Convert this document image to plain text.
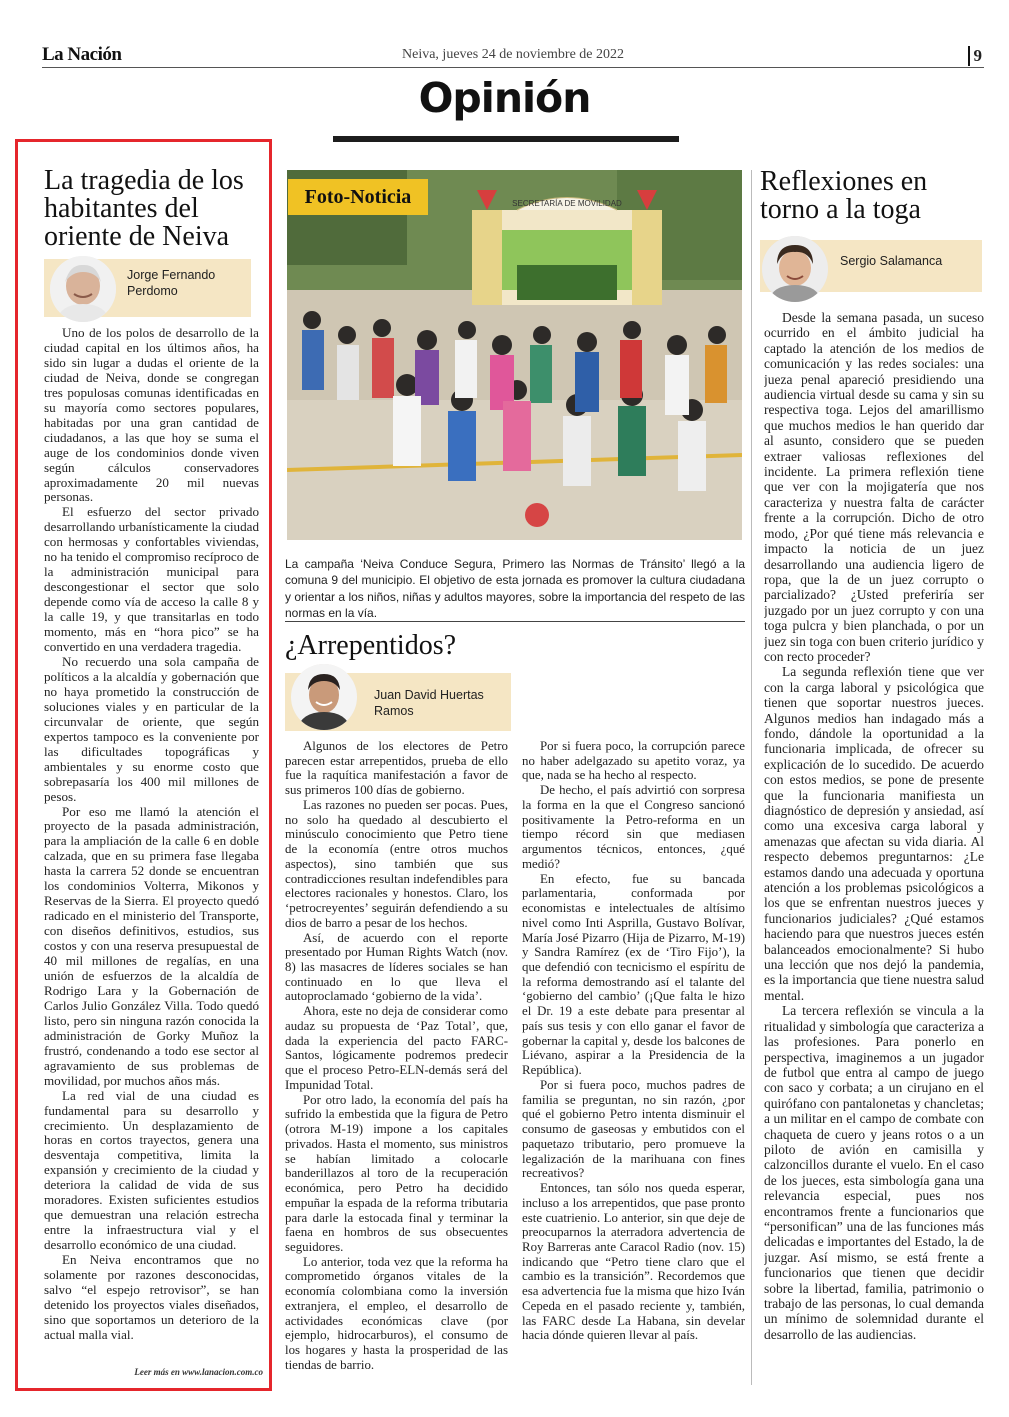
La Nación	Neiva, jueves 24 de noviembre de 2022	9
Opinión
La tragedia de los habitantes del oriente de Neiva
Jorge Fernando Perdomo

Uno de los polos de desarrollo de la ciudad capital en los últimos años, ha sido sin lugar a dudas el oriente de la ciudad de Neiva, donde se congregan tres populosas comunas identificadas en su mayoría como sectores populares, habitadas por una gran cantidad de ciudadanos, a las que hoy se suma el auge de los condominios donde viven según cálculos conservadores aproximadamente 20 mil nuevas personas.

El esfuerzo del sector privado desarrollando urbanísticamente la ciudad con hermosas y confortables viviendas, no ha tenido el compromiso recíproco de la administración municipal para descongestionar el sector que solo depende como vía de acceso la calle 8 y la calle 19, y que transitarlas en todo momento, más en “hora pico” se ha convertido en una verdadera tragedia.

No recuerdo una sola campaña de políticos a la alcaldía y gobernación que no haya prometido la construcción de soluciones viales y en particular de la circunvalar de oriente, que según expertos tampoco es la conveniente por las dificultades topográficas y ambientales y su enorme costo que sobrepasaría los 400 mil millones de pesos.

Por eso me llamó la atención el proyecto de la pasada administración, para la ampliación de la calle 6 en doble calzada, que en su primera fase llegaba hasta la carrera 52 donde se encuentran los condominios Volterra, Mikonos y Reservas de la Sierra. El proyecto quedó radicado en el ministerio del Transporte, con diseños definitivos, estudios, sus costos y con una reserva presupuestal de 40 mil millones de regalías, en una unión de esfuerzos de la alcaldía de Rodrigo Lara y la Gobernación de Carlos Julio González Villa. Todo quedó listo, pero sin ninguna razón conocida la administración de Gorky Muñoz la frustró, condenando a todo ese sector al agravamiento de sus problemas de movilidad, por muchos años más.

La red vial de una ciudad es fundamental para su desarrollo y crecimiento. Un desplazamiento de horas en cortos trayectos, genera una desventaja competitiva, limita la expansión y crecimiento de la ciudad y deteriora la calidad de vida de sus moradores. Existen suficientes estudios que demuestran una relación estrecha entre la infraestructura vial y el desarrollo económico de una ciudad.

En Neiva encontramos que no solamente por razones desconocidas, salvo “el espejo retrovisor”, se han detenido los proyectos viales diseñados, sino que soportamos un deterioro de la actual malla vial.

Leer más en www.lanacion.com.co
SECRETARÍA DE MOVILIDAD
Foto-Noticia
La campaña ‘Neiva Conduce Segura, Primero las Normas de Tránsito’ llegó a la comuna 9 del municipio. El objetivo de esta jornada es promover la cultura ciudadana y orientar a los niños, niñas y adultos mayores, sobre la importancia del respeto de las normas en la vía.
¿Arrepentidos?
Juan David Huertas Ramos

Algunos de los electores de Petro parecen estar arrepentidos, prueba de ello fue la raquítica manifestación a favor de sus primeros 100 días de gobierno.

Las razones no pueden ser pocas. Pues, no solo ha quedado al descubierto el minúsculo conocimiento que Petro tiene de la economía (entre otros muchos aspectos), sino también que sus contradicciones resultan indefendibles para electores racionales y honestos. Claro, los ‘petrocreyentes’ seguirán defendiendo a su dios de barro a pesar de los hechos.

Así, de acuerdo con el reporte presentado por Human Rights Watch (nov. 8) las masacres de líderes sociales se han continuado en lo que lleva el autoproclamado ‘gobierno de la vida’.

Ahora, este no deja de considerar como audaz su propuesta de ‘Paz Total’, que, dada la experiencia del pacto FARC-Santos, lógicamente podremos predecir que el proceso Petro-ELN-demás será del Impunidad Total.

Por otro lado, la economía del país ha sufrido la embestida que la figura de Petro (otrora M-19) impone a los capitales privados. Hasta el momento, sus ministros se habían limitado a colocarle banderillazos al toro de la recuperación económica, pero Petro ha decidido empuñar la espada de la reforma tributaria para darle la estocada final y terminar la faena en hombros de sus obsecuentes seguidores.

Lo anterior, toda vez que la reforma ha comprometido órganos vitales de la economía colombiana como la inversión extranjera, el empleo, el desarrollo de actividades económicas clave (por ejemplo, hidrocarburos), el consumo de los hogares y hasta la prosperidad de las tiendas de barrio.

Por si fuera poco, la corrupción parece no haber adelgazado su apetito voraz, ya que, nada se ha hecho al respecto.

De hecho, el país advirtió con sorpresa la forma en la que el Congreso sancionó positivamente la Petro-reforma en un tiempo récord sin que mediasen argumentos técnicos, entonces, ¿qué medió?

En efecto, fue su bancada parlamentaria, conformada por economistas e intelectuales de altísimo nivel como Inti Asprilla, Gustavo Bolívar, María José Pizarro (Hija de Pizarro, M-19) y Sandra Ramírez (ex de ‘Tiro Fijo’), la que defendió con tecnicismo el espíritu de la reforma demostrando así el talante del ‘gobierno del cambio’ (¡Que falta le hizo el Dr. 19 a este debate para presentar al país sus tesis y con ello ganar el favor de gobernar la capital y, desde los balcones de Liévano, aspirar a la Presidencia de la República).

Por si fuera poco, muchos padres de familia se preguntan, no sin razón, ¿por qué el gobierno Petro intenta disminuir el consumo de gaseosas y embutidos con el paquetazo tributario, pero promueve la legalización de la marihuana con fines recreativos?

Entonces, tan sólo nos queda esperar, incluso a los arrepentidos, que pase pronto este cuatrienio. Lo anterior, sin que deje de preocuparnos la aterradora advertencia de Roy Barreras ante Caracol Radio (nov. 15) indicando que “Petro tiene claro que el cambio es la transición”. Recordemos que esa advertencia fue la misma que hizo Iván Cepeda en el pasado reciente y, también, las FARC desde La Habana, sin develar hacia dónde quieren llevar al país.

Reflexiones en torno a la toga
Sergio Salamanca

Desde la semana pasada, un suceso ocurrido en el ámbito judicial ha captado la atención de los medios de comunicación y las redes sociales: una jueza penal apareció presidiendo una audiencia virtual desde su cama y sin su respectiva toga. Lejos del amarillismo que muchos medios le han querido dar al asunto, considero que se pueden extraer valiosas reflexiones del incidente. La primera reflexión tiene que ver con la mojigatería que nos caracteriza y nuestra falta de carácter frente a la corrupción. Dicho de otro modo, ¿Por qué tiene más relevancia e impacto la noticia de un juez desarrollando una audiencia ligero de ropa, que la de un juez corrupto o parcializado? ¿Usted preferiría ser juzgado por un juez corrupto y con una toga pulcra y bien planchada, o por un juez sin toga con buen criterio jurídico y con recto proceder?

La segunda reflexión tiene que ver con la carga laboral y psicológica que tienen que soportar nuestros jueces. Algunos medios han indagado más a fondo, dándole la oportunidad a la funcionaria implicada, de ofrecer su explicación de lo sucedido. De acuerdo con estos medios, se pone de presente que la funcionaria manifiesta un diagnóstico de depresión y ansiedad, así como una excesiva carga laboral y amenazas que afectan su vida diaria. Al respecto debemos preguntarnos: ¿Le estamos dando una adecuada y oportuna atención a los problemas psicológicos a los que se enfrentan nuestros jueces y funcionarios judiciales? ¿Qué estamos haciendo para que nuestros jueces estén balanceados emocionalmente? Si hubo una lección que nos dejó la pandemia, es la importancia que tiene nuestra salud mental.

La tercera reflexión se vincula a la ritualidad y simbología que caracteriza a las profesiones. Para ponerlo en perspectiva, imaginemos a un jugador de futbol que entra al campo de juego con saco y corbata; a un cirujano en el quirófano con pantalonetas y chancletas; a un militar en el campo de combate con chaqueta de cuero y jeans rotos o a un piloto de avión en camisilla y calzoncillos durante el vuelo. En el caso de los jueces, esta simbología gana una relevancia especial, pues nos encontramos frente a funcionarios que “personifican” una de las funciones más delicadas e importantes del Estado, la de juzgar. Así mismo, se está frente a funcionarios que tienen que decidir sobre la libertad, familia, patrimonio o trabajo de las personas, lo cual demanda un mínimo de solemnidad durante el desarrollo de las audiencias.
